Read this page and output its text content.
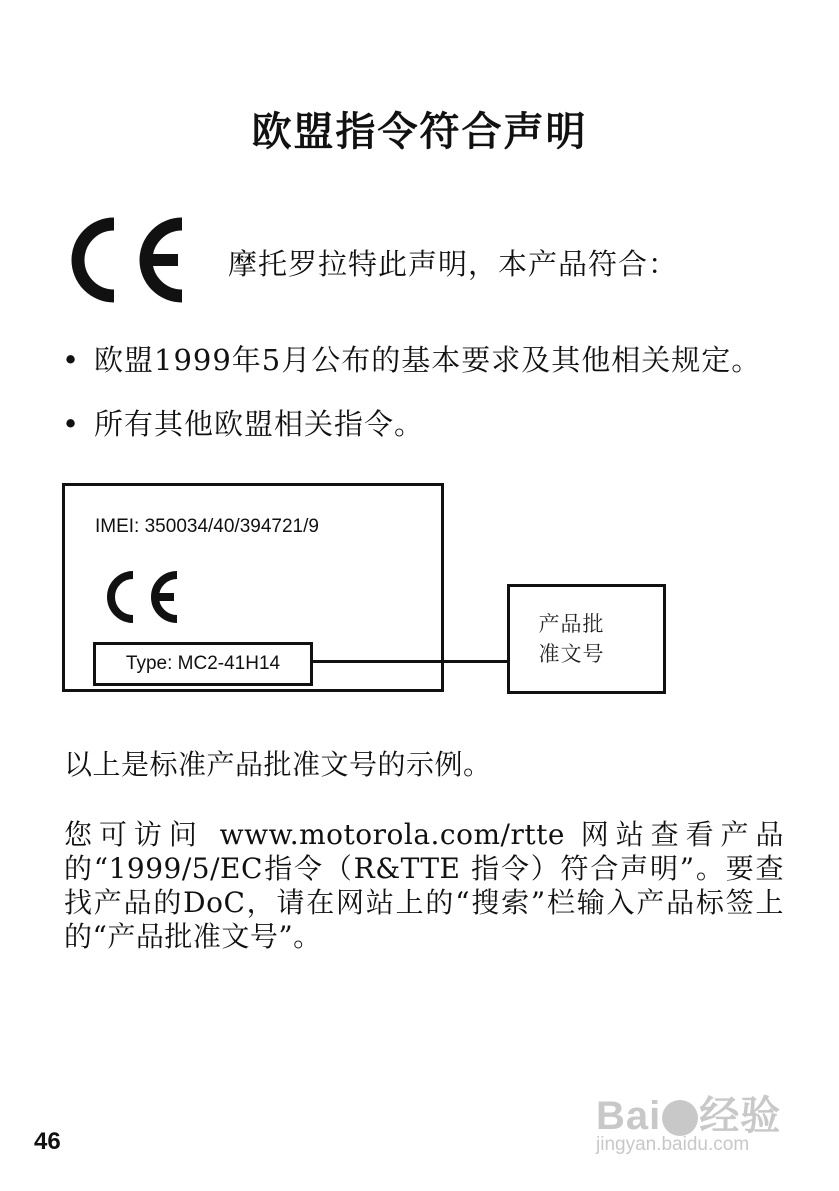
欧盟指令符合声明
摩托罗拉特此声明，本产品符合：
• 欧盟1999年5月公布的基本要求及其他相关规定。
• 所有其他欧盟相关指令。
IMEI: 350034/40/394721/9
Type: MC2-41H14
产品批
准文号

以上是标准产品批准文号的示例。

您可访问 www.motorola.com/rtte 网站查看产品的“1999/5/EC指令（R&TTE 指令）符合声明”。要查找产品的DoC，请在网站上的“搜索”栏输入产品标签上的“产品批准文号”。

46
Bai 经验
jingyan.baidu.com
